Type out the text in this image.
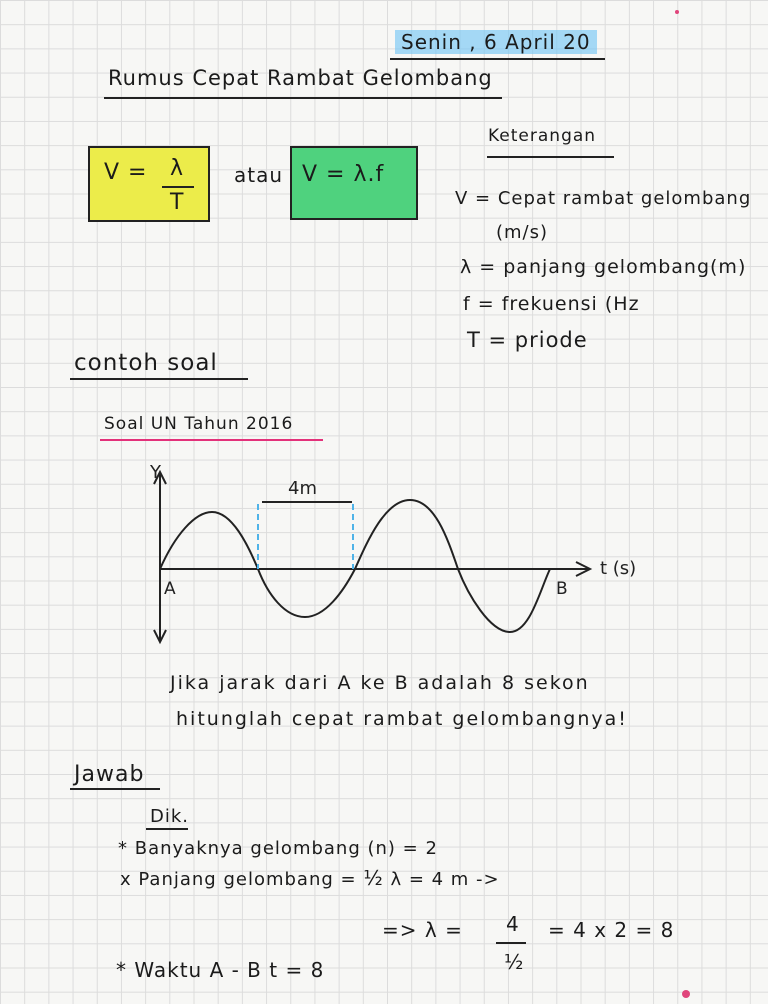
Senin , 6 April 20
Rumus Cepat Rambat Gelombang
V = λ
T
atau V = λ.f
Keterangan
V = Cepat rambat gelombang
(m/s)
λ = panjang gelombang(m)
f = frekuensi (Hz
T = priode
contoh soal
Soal UN Tahun 2016
Y
t (s)
4m
A	B
Jika jarak dari A ke B adalah 8 sekon
hitunglah cepat rambat gelombangnya!
Jawab
Dik.
* Banyaknya gelombang (n) = 2
x Panjang gelombang = ½ λ = 4 m ->
=> λ = 4
½
= 4 x 2 = 8
* Waktu A - B t = 8
